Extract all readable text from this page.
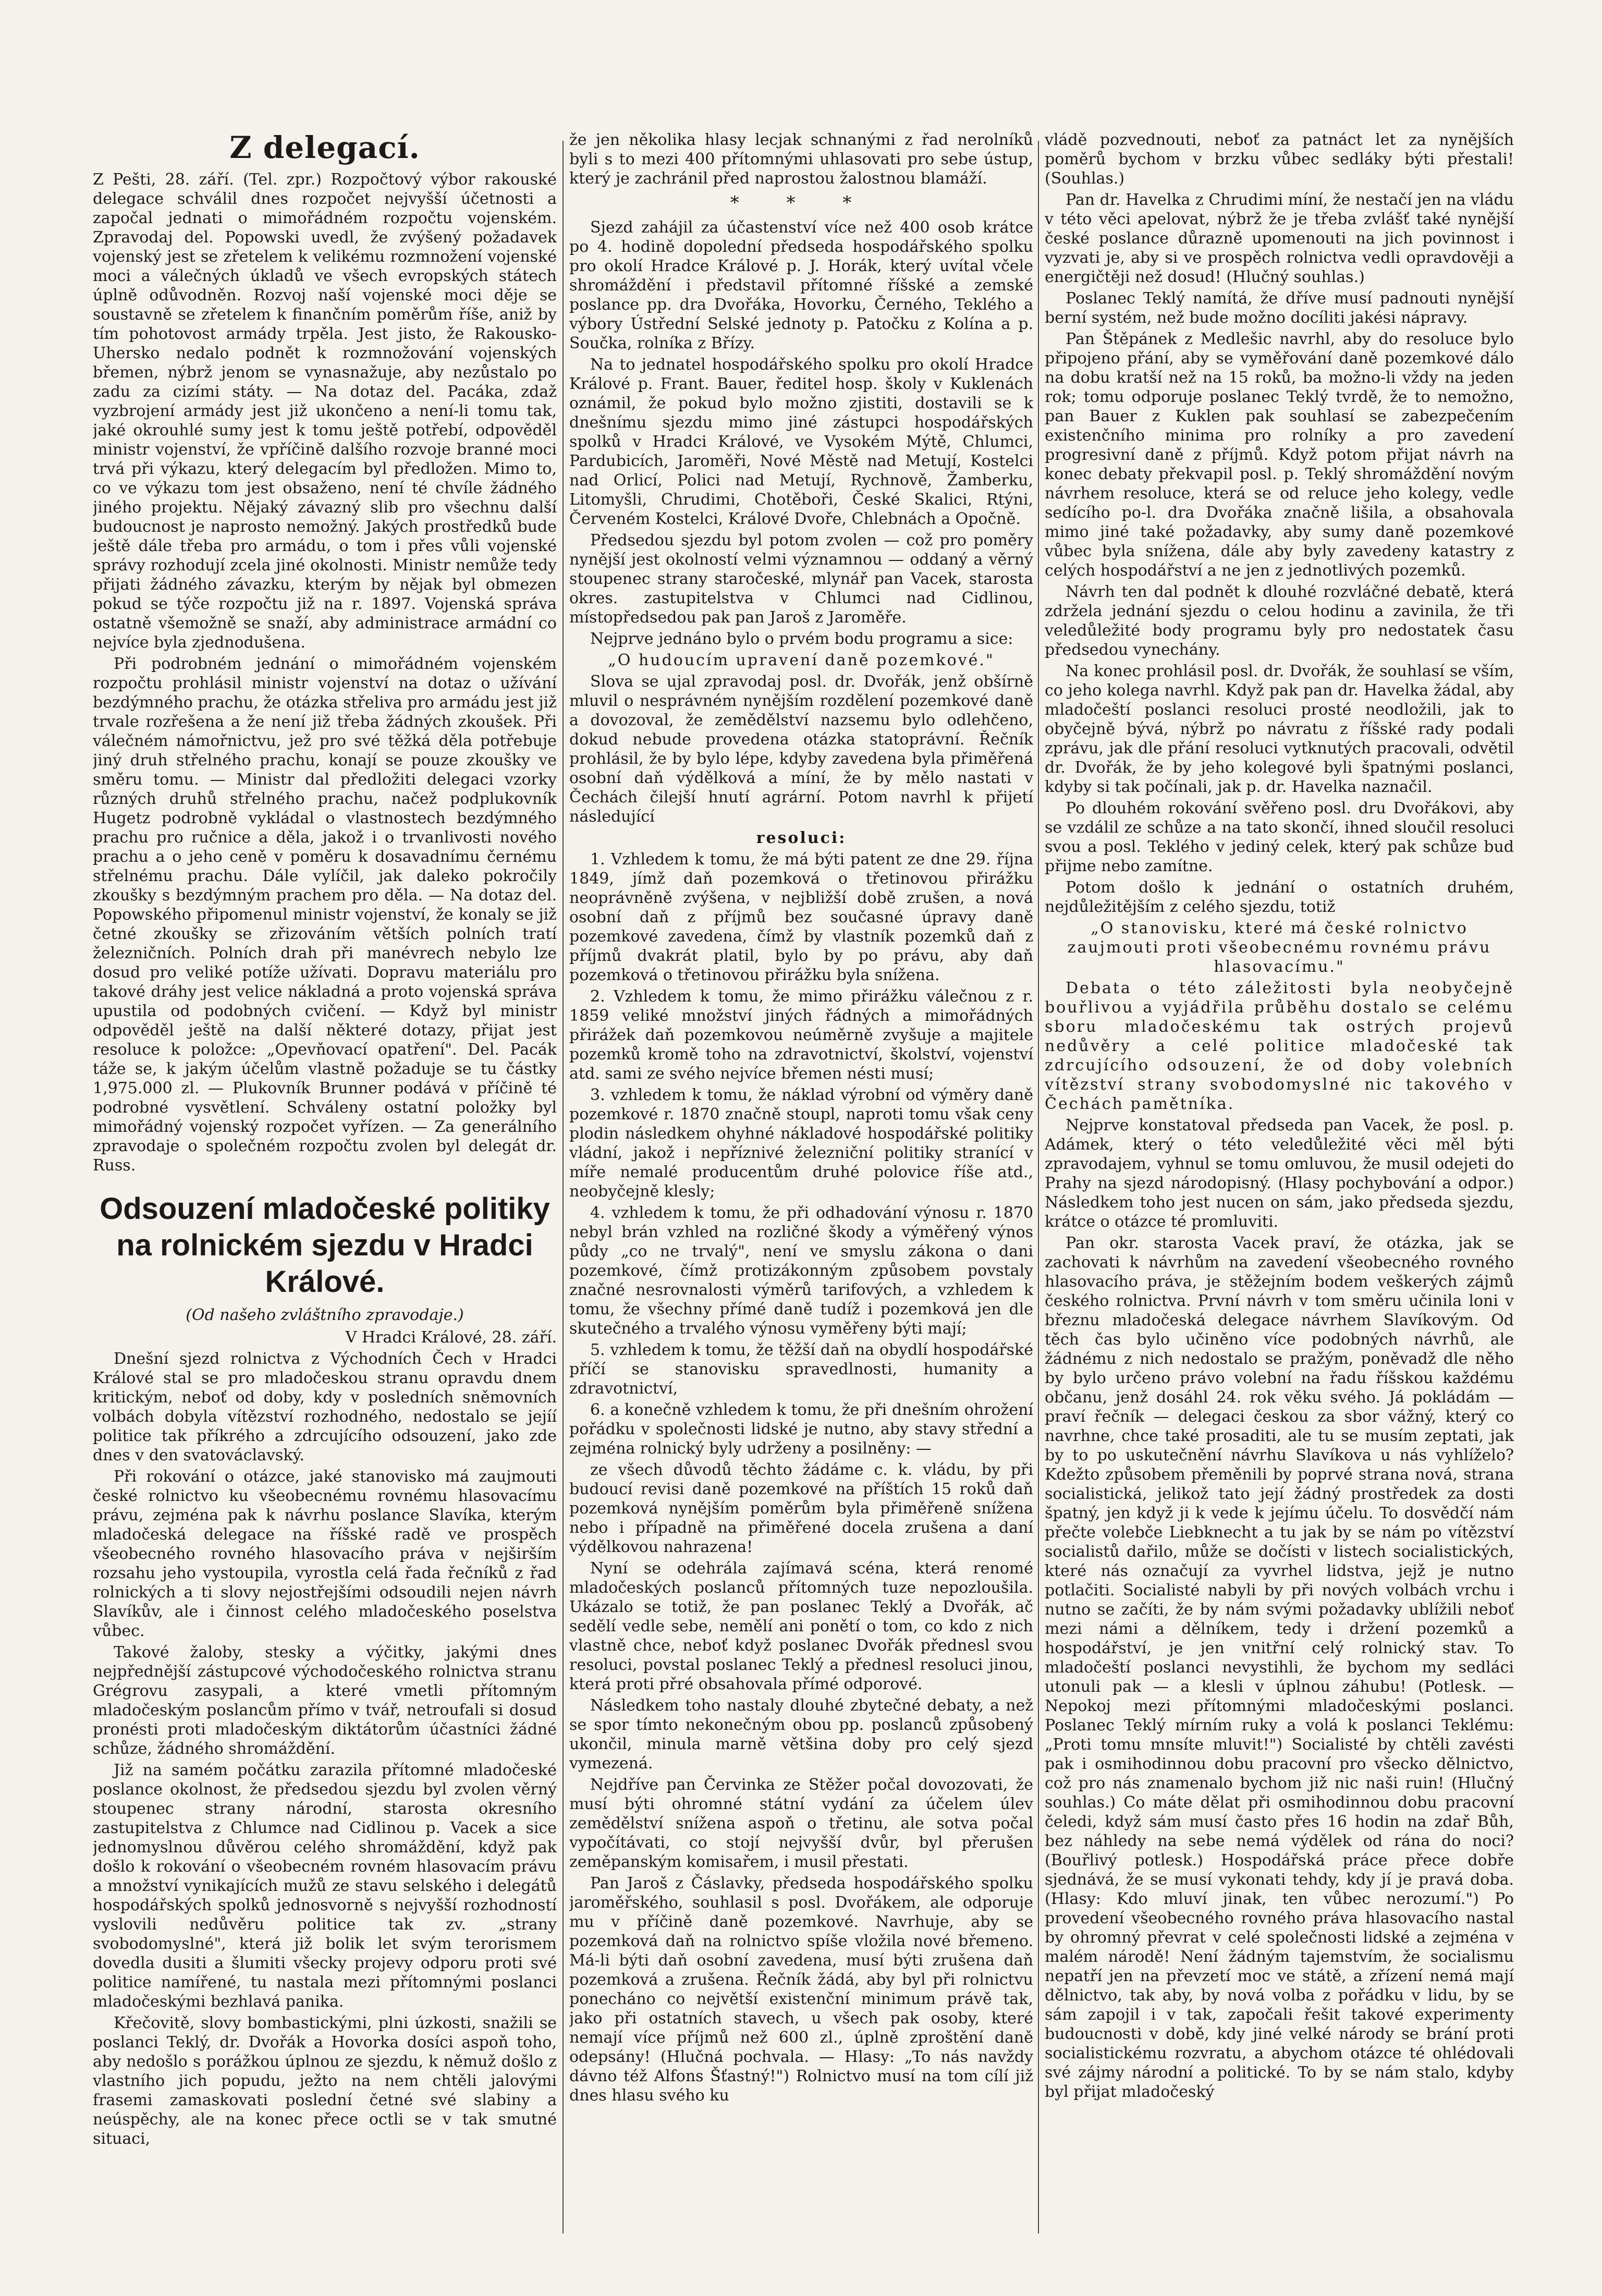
Z delegací.

Z Pešti, 28. září. (Tel. zpr.) Rozpočtový výbor rakouské delegace schválil dnes rozpočet nejvyšší účetnosti a započal jednati o mimořádném rozpočtu vojenském. Zpravodaj del. Popowski uvedl, že zvýšený požadavek vojenský jest se zřetelem k velikému rozmnožení vojenské moci a válečných úkladů ve všech evropských státech úplně odůvodněn. Rozvoj naší vojenské moci děje se soustavně se zřetelem k finančním poměrům říše, aniž by tím pohotovost armády trpěla. Jest jisto, že Rakousko-Uhersko nedalo podnět k rozmnožování vojenských břemen, nýbrž jenom se vynasnažuje, aby nezůstalo po zadu za cizími státy. — Na dotaz del. Pacáka, zdaž vyzbrojení armády jest již ukončeno a není-li tomu tak, jaké okrouhlé sumy jest k tomu ještě potřebí, odpověděl ministr vojenství, že vpříčině dalšího rozvoje branné moci trvá při výkazu, který delegacím byl předložen. Mimo to, co ve výkazu tom jest obsaženo, není té chvíle žádného jiného projektu. Nějaký závazný slib pro všechnu další budoucnost je naprosto nemožný. Jakých prostředků bude ještě dále třeba pro armádu, o tom i přes vůli vojenské správy rozhodují zcela jiné okolnosti. Ministr nemůže tedy přijati žádného závazku, kterým by nějak byl obmezen pokud se týče rozpočtu již na r. 1897. Vojenská správa ostatně všemožně se snaží, aby administrace armádní co nejvíce byla zjednodušena.

Při podrobném jednání o mimořádném vojenském rozpočtu prohlásil ministr vojenství na dotaz o užívání bezdýmného prachu, že otázka střeliva pro armádu jest již trvale rozřešena a že není již třeba žádných zkoušek. Při válečném námořnictvu, jež pro své těžká děla potřebuje jiný druh střelného prachu, konají se pouze zkoušky ve směru tomu. — Ministr dal předložiti delegaci vzorky různých druhů střelného prachu, načež podplukovník Hugetz podrobně vykládal o vlastnostech bezdýmného prachu pro ručnice a děla, jakož i o trvanlivosti nového prachu a o jeho ceně v poměru k dosavadnímu černému střelnému prachu. Dále vylíčil, jak daleko pokročily zkoušky s bezdýmným prachem pro děla. — Na dotaz del. Popowského připomenul ministr vojenství, že konaly se již četné zkoušky se zřizováním větších polních tratí železničních. Polních drah při manévrech nebylo lze dosud pro veliké potíže užívati. Dopravu materiálu pro takové dráhy jest velice nákladná a proto vojenská správa upustila od podobných cvičení. — Když byl ministr odpověděl ještě na další některé dotazy, přijat jest resoluce k položce: „Opevňovací opatření". Del. Pacák táže se, k jakým účelům vlastně požaduje se tu částky 1,975.000 zl. — Plukovník Brunner podává v příčině té podrobné vysvětlení. Schváleny ostatní položky byl mimořádný vojenský rozpočet vyřízen. — Za generálního zpravodaje o společném rozpočtu zvolen byl delegát dr. Russ.

Odsouzení mladočeské politiky na rolnickém sjezdu v Hradci Králové.
(Od našeho zvláštního zpravodaje.)
V Hradci Králové, 28. září.

Dnešní sjezd rolnictva z Východních Čech v Hradci Králové stal se pro mladočeskou stranu opravdu dnem kritickým, neboť od doby, kdy v posledních sněmovních volbách dobyla vítězství rozhodného, nedostalo se jejíí politice tak příkrého a zdrcujícího odsouzení, jako zde dnes v den svatováclavský.

Při rokování o otázce, jaké stanovisko má zaujmouti české rolnictvo ku všeobecnému rovnému hlasovacímu právu, zejména pak k návrhu poslance Slavíka, kterým mladočeská delegace na říšské radě ve prospěch všeobecného rovného hlasovacího práva v nejširším rozsahu jeho vystoupila, vyrostla celá řada řečníků z řad rolnických a ti slovy nejostřejšími odsoudili nejen návrh Slavíkův, ale i činnost celého mladočeského poselstva vůbec.

Takové žaloby, stesky a výčitky, jakými dnes nejpřednější zástupcové východočeského rolnictva stranu Grégrovu zasypali, a které vmetli přítomným mladočeským poslancům přímo v tvář, netroufali si dosud pronésti proti mladočeským diktátorům účastníci žádné schůze, žádného shromáždění.

Již na samém počátku zarazila přítomné mladočeské poslance okolnost, že předsedou sjezdu byl zvolen věrný stoupenec strany národní, starosta okresního zastupitelstva z Chlumce nad Cidlinou p. Vacek a sice jednomyslnou důvěrou celého shromáždění, když pak došlo k rokování o všeobecném rovném hlasovacím právu a množství vynikajících mužů ze stavu selského i delegátů hospodářských spolků jednosvorně s nejvyšší rozhodností vyslovili nedůvěru politice tak zv. „strany svobodomyslné", která již bolik let svým terorismem dovedla dusiti a šlumiti všecky projevy odporu proti své politice namířené, tu nastala mezi přítomnými poslanci mladočeskými bezhlavá panika.

Křečovitě, slovy bombastickými, plni úzkosti, snažili se poslanci Teklý, dr. Dvořák a Hovorka dosíci aspoň toho, aby nedošlo s porážkou úplnou ze sjezdu, k němuž došlo z vlastního jich popudu, ježto na nem chtěli jalovými frasemi zamaskovati poslední četné své slabiny a neúspěchy, ale na konec přece octli se v tak smutné situaci,

že jen několika hlasy lecjak schnanými z řad nerolníků byli s to mezi 400 přítomnými uhlasovati pro sebe ústup, který je zachránil před naprostou žalostnou blamáží.

* * *

Sjezd zahájil za účastenství více než 400 osob krátce po 4. hodině dopolední předseda hospodářského spolku pro okolí Hradce Králové p. J. Horák, který uvítal včele shromáždění i představil přítomné říšské a zemské poslance pp. dra Dvořáka, Hovorku, Černého, Teklého a výbory Ústřední Selské jednoty p. Patočku z Kolína a p. Součka, rolníka z Břízy.

Na to jednatel hospodářského spolku pro okolí Hradce Králové p. Frant. Bauer, ředitel hosp. školy v Kuklenách oznámil, že pokud bylo možno zjistiti, dostavili se k dnešnímu sjezdu mimo jiné zástupci hospodářských spolků v Hradci Králové, ve Vysokém Mýtě, Chlumci, Pardubicích, Jaroměři, Nové Městě nad Metují, Kostelci nad Orlicí, Polici nad Metují, Rychnově, Žamberku, Litomyšli, Chrudimi, Chotěboři, České Skalici, Rtýni, Červeném Kostelci, Králové Dvoře, Chlebnách a Opočně.

Předsedou sjezdu byl potom zvolen — což pro poměry nynější jest okolností velmi významnou — oddaný a věrný stoupenec strany staročeské, mlynář pan Vacek, starosta okres. zastupitelstva v Chlumci nad Cidlinou, místopředsedou pak pan Jaroš z Jaroměře.

Nejprve jednáno bylo o prvém bodu programu a sice:

„O hudoucím upravení daně pozemkové."

Slova se ujal zpravodaj posl. dr. Dvořák, jenž obšírně mluvil o nesprávném nynějším rozdělení pozemkové daně a dovozoval, že zemědělství nazsemu bylo odlehčeno, dokud nebude provedena otázka statoprávní. Řečník prohlásil, že by bylo lépe, kdyby zavedena byla přiměřená osobní daň výdělková a míní, že by mělo nastati v Čechách čilejší hnutí agrární. Potom navrhl k přijetí následující

resoluci:

1. Vzhledem k tomu, že má býti patent ze dne 29. října 1849, jímž daň pozemková o třetinovou přirážku neoprávněně zvýšena, v nejbližší době zrušen, a nová osobní daň z příjmů bez současné úpravy daně pozemkové zavedena, čímž by vlastník pozemků daň z příjmů dvakrát platil, bylo by po právu, aby daň pozemková o třetinovou přirážku byla snížena.

2. Vzhledem k tomu, že mimo přirážku válečnou z r. 1859 veliké množství jiných řádných a mimořádných přirážek daň pozemkovou neúměrně zvyšuje a majitele pozemků kromě toho na zdravotnictví, školství, vojenství atd. sami ze svého nejvíce břemen nésti musí;

3. vzhledem k tomu, že náklad výrobní od výměry daně pozemkové r. 1870 značně stoupl, naproti tomu však ceny plodin následkem ohyhné nákladové hospodářské politiky vládní, jakož i nepříznivé železniční politiky stranící v míře nemalé producentům druhé polovice říše atd., neobyčejně klesly;

4. vzhledem k tomu, že při odhadování výnosu r. 1870 nebyl brán vzhled na rozličné škody a výměřený výnos půdy „co ne trvalý", není ve smyslu zákona o dani pozemkové, čímž protizákonným způsobem povstaly značné nesrovnalosti výměrů tarifových, a vzhledem k tomu, že všechny přímé daně tudíž i pozemková jen dle skutečného a trvalého výnosu vyměřeny býti mají;

5. vzhledem k tomu, že těžší daň na obydlí hospodářské příčí se stanovisku spravedlnosti, humanity a zdravotnictví,

6. a konečně vzhledem k tomu, že při dnešním ohrožení pořádku v společnosti lidské je nutno, aby stavy střední a zejména rolnický byly udrženy a posilněny: —

ze všech důvodů těchto žádáme c. k. vládu, by při budoucí revisi daně pozemkové na příštích 15 roků daň pozemková nynějším poměrům byla přiměřeně snížena nebo i případně na přiměřené docela zrušena a daní výdělkovou nahrazena!

Nyní se odehrála zajímavá scéna, která renomé mladočeských poslanců přítomných tuze nepozloušila. Ukázalo se totiž, že pan poslanec Teklý a Dvořák, ač sedělí vedle sebe, nemělí ani ponětí o tom, co kdo z nich vlastně chce, neboť když poslanec Dvořák přednesl svou resoluci, povstal poslanec Teklý a přednesl resoluci jinou, která proti přré obsahovala přímé odporové.

Následkem toho nastaly dlouhé zbytečné debaty, a než se spor tímto nekonečným obou pp. poslanců způsobený ukončil, minula marně většina doby pro celý sjezd vymezená.

Nejdříve pan Červinka ze Stěžer počal dovozovati, že musí býti ohromné státní vydání za účelem úlev zemědělství snížena aspoň o třetinu, ale sotva počal vypočítávati, co stojí nejvyšší dvůr, byl přerušen zeměpanským komisařem, i musil přestati.

Pan Jaroš z Čáslavky, předseda hospodářského spolku jaroměřského, souhlasil s posl. Dvořákem, ale odporuje mu v příčině daně pozemkové. Navrhuje, aby se pozemková daň na rolnictvo spíše vložila nové břemeno. Má-li býti daň osobní zavedena, musí býti zrušena daň pozemková a zrušena. Řečník žádá, aby byl při rolnictvu ponecháno co největší existenční minimum právě tak, jako při ostatních stavech, u všech pak osoby, které nemají více příjmů než 600 zl., úplně zproštění daně odepsány! (Hlučná pochvala. — Hlasy: „To nás navždy dávno též Alfons Šťastný!") Rolnictvo musí na tom cílí již dnes hlasu svého ku

vládě pozvednouti, neboť za patnáct let za nynějších poměrů bychom v brzku vůbec sedláky býti přestali! (Souhlas.)

Pan dr. Havelka z Chrudimi míní, že nestačí jen na vládu v této věci apelovat, nýbrž že je třeba zvlášť také nynější české poslance důrazně upomenouti na jich povinnost i vyzvati je, aby si ve prospěch rolnictva vedli opravdověji a energičtěji než dosud! (Hlučný souhlas.)

Poslanec Teklý namítá, že dříve musí padnouti nynější berní systém, než bude možno docíliti jakési nápravy.

Pan Štěpánek z Medlešic navrhl, aby do resoluce bylo připojeno přání, aby se vyměřování daně pozemkové dálo na dobu kratší než na 15 roků, ba možno-li vždy na jeden rok; tomu odporuje poslanec Teklý tvrdě, že to nemožno, pan Bauer z Kuklen pak souhlasí se zabezpečením existenčního minima pro rolníky a pro zavedení progresivní daně z příjmů. Když potom přijat návrh na konec debaty překvapil posl. p. Teklý shromáždění novým návrhem resoluce, která se od reluce jeho kolegy, vedle sedícího po-l. dra Dvořáka značně lišila, a obsahovala mimo jiné také požadavky, aby sumy daně pozemkové vůbec byla snížena, dále aby byly zavedeny katastry z celých hospodářství a ne jen z jednotlivých pozemků.

Návrh ten dal podnět k dlouhé rozvláčné debatě, která zdržela jednání sjezdu o celou hodinu a zavinila, že tři veledůležité body programu byly pro nedostatek času předsedou vynechány.

Na konec prohlásil posl. dr. Dvořák, že souhlasí se vším, co jeho kolega navrhl. Když pak pan dr. Havelka žádal, aby mladočeští poslanci resoluci prosté neodložili, jak to obyčejně bývá, nýbrž po návratu z říšské rady podali zprávu, jak dle přání resoluci vytknutých pracovali, odvětil dr. Dvořák, že by jeho kolegové byli špatnými poslanci, kdyby si tak počínali, jak p. dr. Havelka naznačil.

Po dlouhém rokování svěřeno posl. dru Dvořákovi, aby se vzdálil ze schůze a na tato skončí, ihned sloučil resoluci svou a posl. Teklého v jediný celek, který pak schůze bud přijme nebo zamítne.

Potom došlo k jednání o ostatních druhém, nejdůležitějším z celého sjezdu, totiž

„O stanovisku, které má české rolnictvo zaujmouti proti všeobecnému rovnému právu hlasovacímu."

Debata o této záležitosti byla neobyčejně bouřlivou a vyjádřila průběhu dostalo se celému sboru mladočeskému tak ostrých projevů nedůvěry a celé politice mladočeské tak zdrcujícího odsouzení, že od doby volebních vítězství strany svobodomyslné nic takového v Čechách pamětníka.

Nejprve konstatoval předseda pan Vacek, že posl. p. Adámek, který o této veledůležité věci měl býti zpravodajem, vyhnul se tomu omluvou, že musil odejeti do Prahy na sjezd národopisný. (Hlasy pochybování a odpor.) Následkem toho jest nucen on sám, jako předseda sjezdu, krátce o otázce té promluviti.

Pan okr. starosta Vacek praví, že otázka, jak se zachovati k návrhům na zavedení všeobecného rovného hlasovacího práva, je stěžejním bodem veškerých zájmů českého rolnictva. První návrh v tom směru učinila loni v březnu mladočeská delegace návrhem Slavíkovým. Od těch čas bylo učiněno více podobných návrhů, ale žádnému z nich nedostalo se pražým, poněvadž dle něho by bylo určeno právo volební na řadu říšskou každému občanu, jenž dosáhl 24. rok věku svého. Já pokládám — praví řečník — delegaci českou za sbor vážný, který co navrhne, chce také prosaditi, ale tu se musím zeptati, jak by to po uskutečnění návrhu Slavíkova u nás vyhlíželo? Kdežto způsobem přeměnili by poprvé strana nová, strana socialistická, jelikož tato její žádný prostředek za dosti špatný, jen když ji k vede k jejímu účelu. To dosvědčí nám přečte volebče Liebknecht a tu jak by se nám po vítězství socialistů dařilo, může se dočísti v listech socialistických, které nás označují za vyvrhel lidstva, jejž je nutno potlačiti. Socialisté nabyli by při nových volbách vrchu i nutno se začíti, že by nám svými požadavky ublížili neboť mezi námi a dělníkem, tedy i držení pozemků a hospodářství, je jen vnitřní celý rolnický stav. To mladočeští poslanci nevystihli, že bychom my sedláci utonuli pak — a klesli v úplnou záhubu! (Potlesk. — Nepokoj mezi přítomnými mladočeskými poslanci. Poslanec Teklý mírním ruky a volá k poslanci Teklému: „Proti tomu mnsíte mluvit!") Socialisté by chtěli zavésti pak i osmihodinnou dobu pracovní pro všecko dělnictvo, což pro nás znamenalo bychom již nic naši ruin! (Hlučný souhlas.) Co máte dělat při osmihodinnou dobu pracovní čeledi, když sám musí často přes 16 hodin na zdař Bůh, bez náhledy na sebe nemá výdělek od rána do noci? (Bouřlivý potlesk.) Hospodářská práce přece dobře sjednává, že se musí vykonati tehdy, kdy jí je pravá doba. (Hlasy: Kdo mluví jinak, ten vůbec nerozumí.") Po provedení všeobecného rovného práva hlasovacího nastal by ohromný převrat v celé společnosti lidské a zejména v malém národě! Není žádným tajemstvím, že socialismu nepatří jen na převzetí moc ve státě, a zřízení nemá mají dělnictvo, tak aby, by nová volba z pořádku v lidu, by se sám zapojil i v tak, započali řešit takové experimenty budoucnosti v době, kdy jiné velké národy se brání proti socialistickému rozvratu, a abychom otázce té ohlédovali své zájmy národní a politické. To by se nám stalo, kdyby byl přijat mladočeský
